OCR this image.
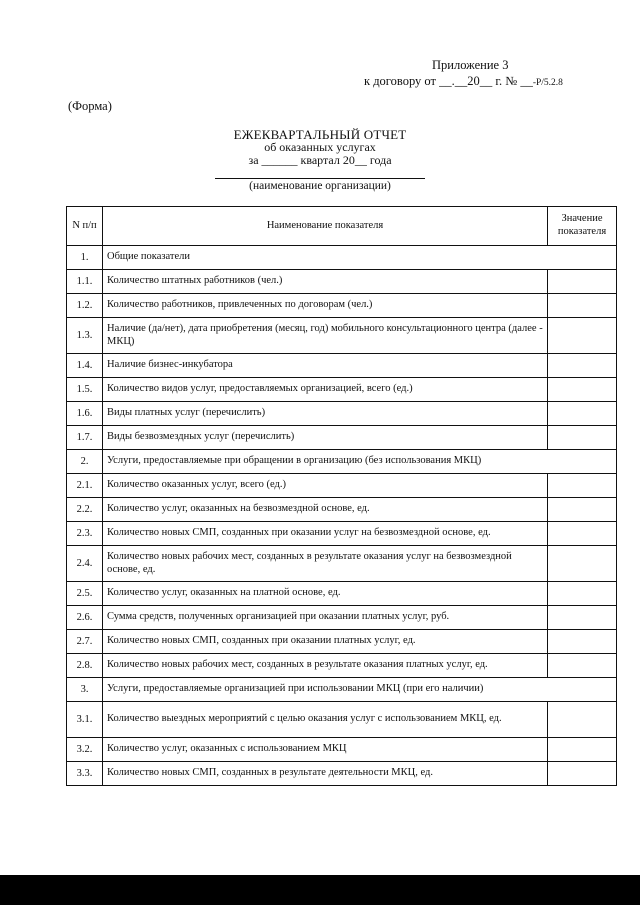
Приложение 3
к договору от __.__20__ г. № __-Р/5.2.8
(Форма)
ЕЖЕКВАРТАЛЬНЫЙ ОТЧЕТ
об оказанных услугах
за ______ квартал 20__ года
(наименование организации)
N п/п	Наименование показателя	Значение показателя
1.	Общие показатели	
1.1.	Количество штатных работников (чел.)	
1.2.	Количество работников, привлеченных по договорам (чел.)	
1.3.	Наличие (да/нет), дата приобретения (месяц, год) мобильного консультационного центра (далее - МКЦ)	
1.4.	Наличие бизнес-инкубатора	
1.5.	Количество видов услуг, предоставляемых организацией, всего (ед.)	
1.6.	Виды платных услуг (перечислить)	
1.7.	Виды безвозмездных услуг (перечислить)	
2.	Услуги, предоставляемые при обращении в организацию (без использования МКЦ)	
2.1.	Количество оказанных услуг, всего (ед.)	
2.2.	Количество услуг, оказанных на безвозмездной основе, ед.	
2.3.	Количество новых СМП, созданных при оказании услуг на безвозмездной основе, ед.	
2.4.	Количество новых рабочих мест, созданных в результате оказания услуг на безвозмездной основе, ед.	
2.5.	Количество услуг, оказанных на платной основе, ед.	
2.6.	Сумма средств, полученных организацией при оказании платных услуг, руб.	
2.7.	Количество новых СМП, созданных при оказании платных услуг, ед.	
2.8.	Количество новых рабочих мест, созданных в результате оказания платных услуг, ед.	
3.	Услуги, предоставляемые организацией при использовании МКЦ (при его наличии)	
3.1.	Количество выездных мероприятий с целью оказания услуг с использованием МКЦ, ед.	
3.2.	Количество услуг, оказанных с использованием МКЦ	
3.3.	Количество новых СМП, созданных в результате деятельности МКЦ, ед.	
